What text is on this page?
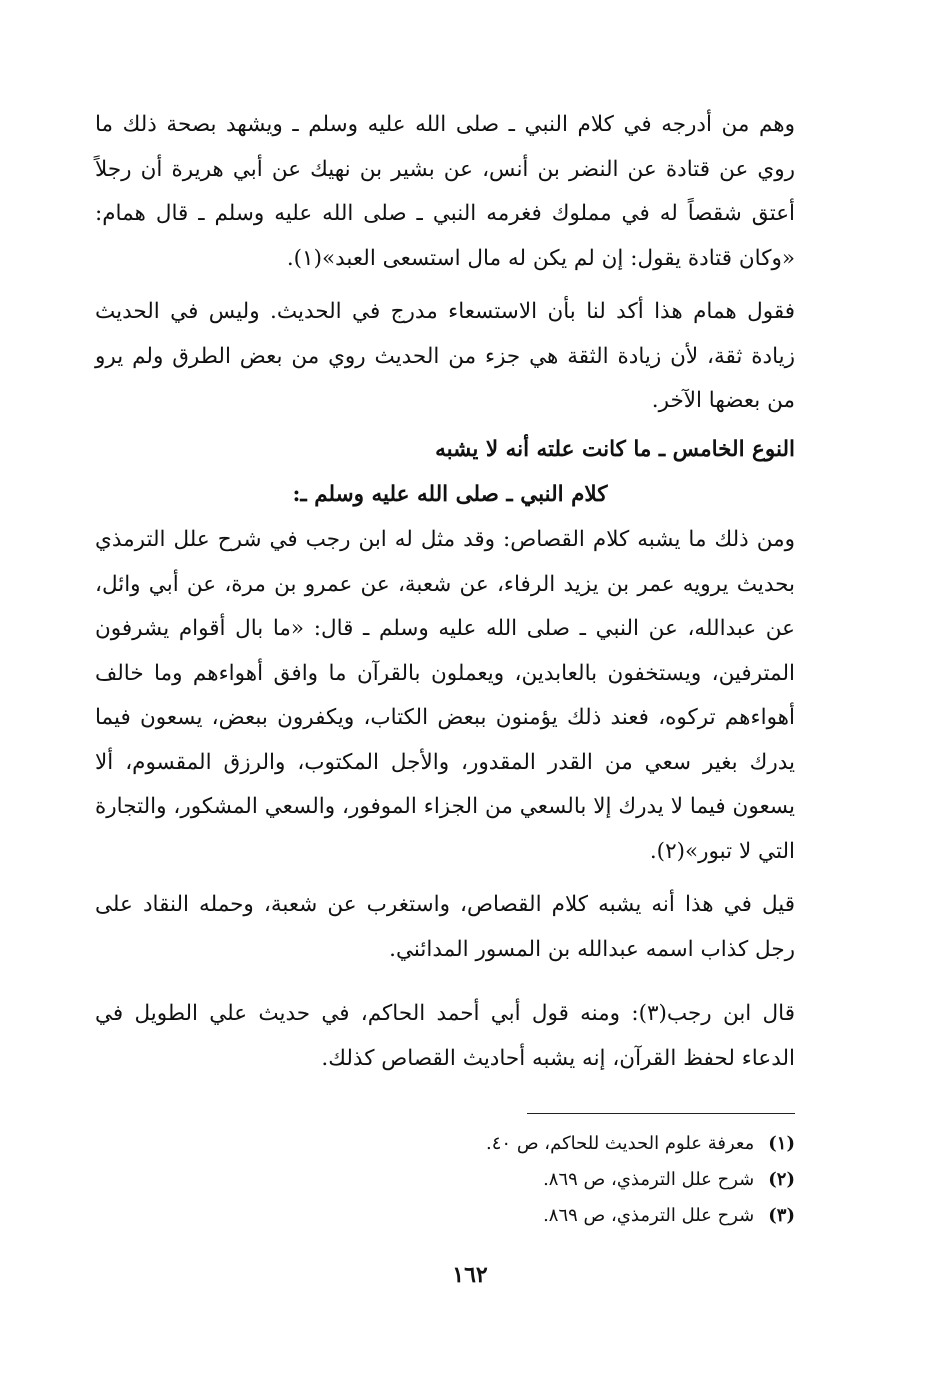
وهم من أدرجه في كلام النبي ـ صلى الله عليه وسلم ـ ويشهد بصحة ذلك ما روي عن قتادة عن النضر بن أنس، عن بشير بن نهيك عن أبي هريرة أن رجلاً أعتق شقصاً له في مملوك فغرمه النبي ـ صلى الله عليه وسلم ـ قال همام: «وكان قتادة يقول: إن لم يكن له مال استسعى العبد»(١).

فقول همام هذا أكد لنا بأن الاستسعاء مدرج في الحديث. وليس في الحديث زيادة ثقة، لأن زيادة الثقة هي جزء من الحديث روي من بعض الطرق ولم يرو من بعضها الآخر.

النوع الخامس ـ ما كانت علته أنه لا يشبه

كلام النبي ـ صلى الله عليه وسلم ـ:

ومن ذلك ما يشبه كلام القصاص: وقد مثل له ابن رجب في شرح علل الترمذي بحديث يرويه عمر بن يزيد الرفاء، عن شعبة، عن عمرو بن مرة، عن أبي وائل، عن عبدالله، عن النبي ـ صلى الله عليه وسلم ـ قال: «ما بال أقوام يشرفون المترفين، ويستخفون بالعابدين، ويعملون بالقرآن ما وافق أهواءهم وما خالف أهواءهم تركوه، فعند ذلك يؤمنون ببعض الكتاب، ويكفرون ببعض، يسعون فيما يدرك بغير سعي من القدر المقدور، والأجل المكتوب، والرزق المقسوم، ألا يسعون فيما لا يدرك إلا بالسعي من الجزاء الموفور، والسعي المشكور، والتجارة التي لا تبور»(٢).

قيل في هذا أنه يشبه كلام القصاص، واستغرب عن شعبة، وحمله النقاد على رجل كذاب اسمه عبدالله بن المسور المدائني.

قال ابن رجب(٣): ومنه قول أبي أحمد الحاكم، في حديث علي الطويل في الدعاء لحفظ القرآن، إنه يشبه أحاديث القصاص كذلك.

(١)معرفة علوم الحديث للحاكم، ص ٤٠.
(٢)شرح علل الترمذي، ص ٨٦٩.
(٣)شرح علل الترمذي، ص ٨٦٩.
١٦٢
